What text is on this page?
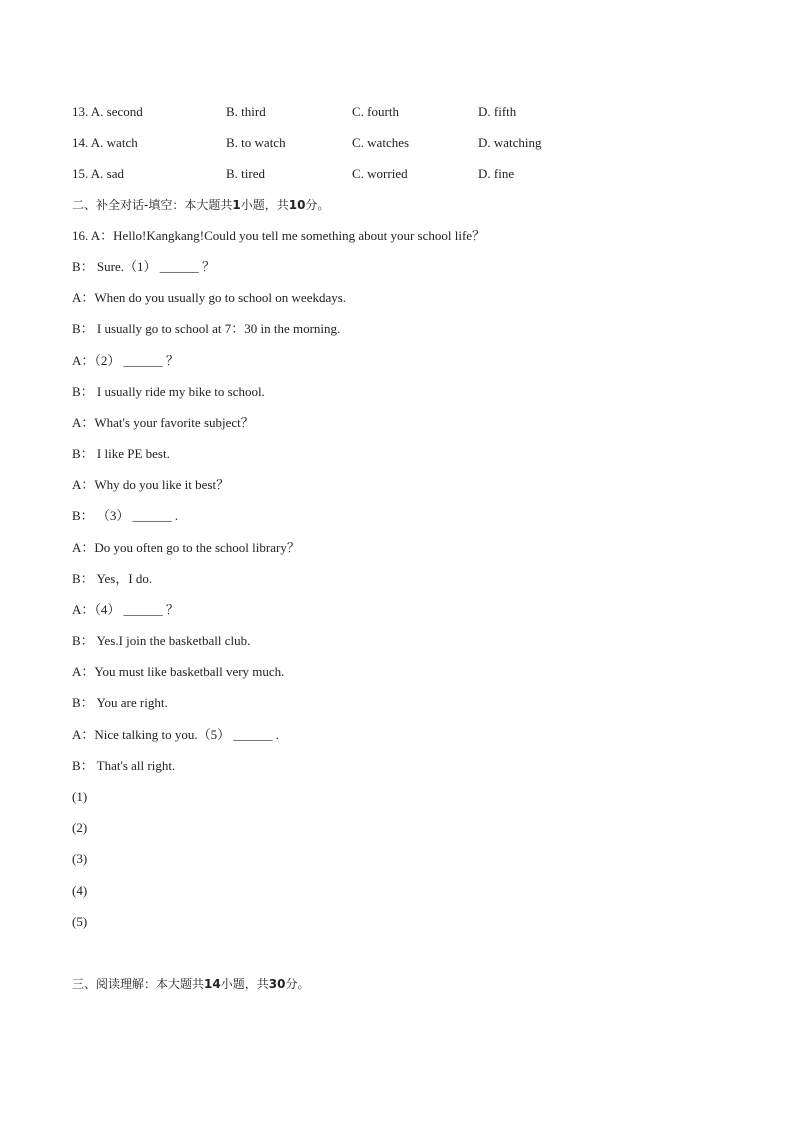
13. A. second	B. third	C. fourth	D. fifth
14. A. watch	B. to watch	C. watches	D. watching
15. A. sad	B. tired	C. worried	D. fine
二、补全对话-填空：本大题共1小题，共10分。
16. A：Hello!Kangkang!Could you tell me something about your school life？
B： Sure.（1） ______ ？
A：When do you usually go to school on weekdays.
B： I usually go to school at 7：30 in the morning.
A：（2） ______ ？
B： I usually ride my bike to school.
A：What's your favorite subject？
B： I like PE best.
A：Why do you like it best？
B： （3） ______ .
A：Do you often go to the school library？
B： Yes，I do.
A：（4） ______ ？
B： Yes.I join the basketball club.
A：You must like basketball very much.
B： You are right.
A：Nice talking to you.（5） ______ .
B： That's all right.
(1)
(2)
(3)
(4)
(5)
三、阅读理解：本大题共14小题，共30分。
